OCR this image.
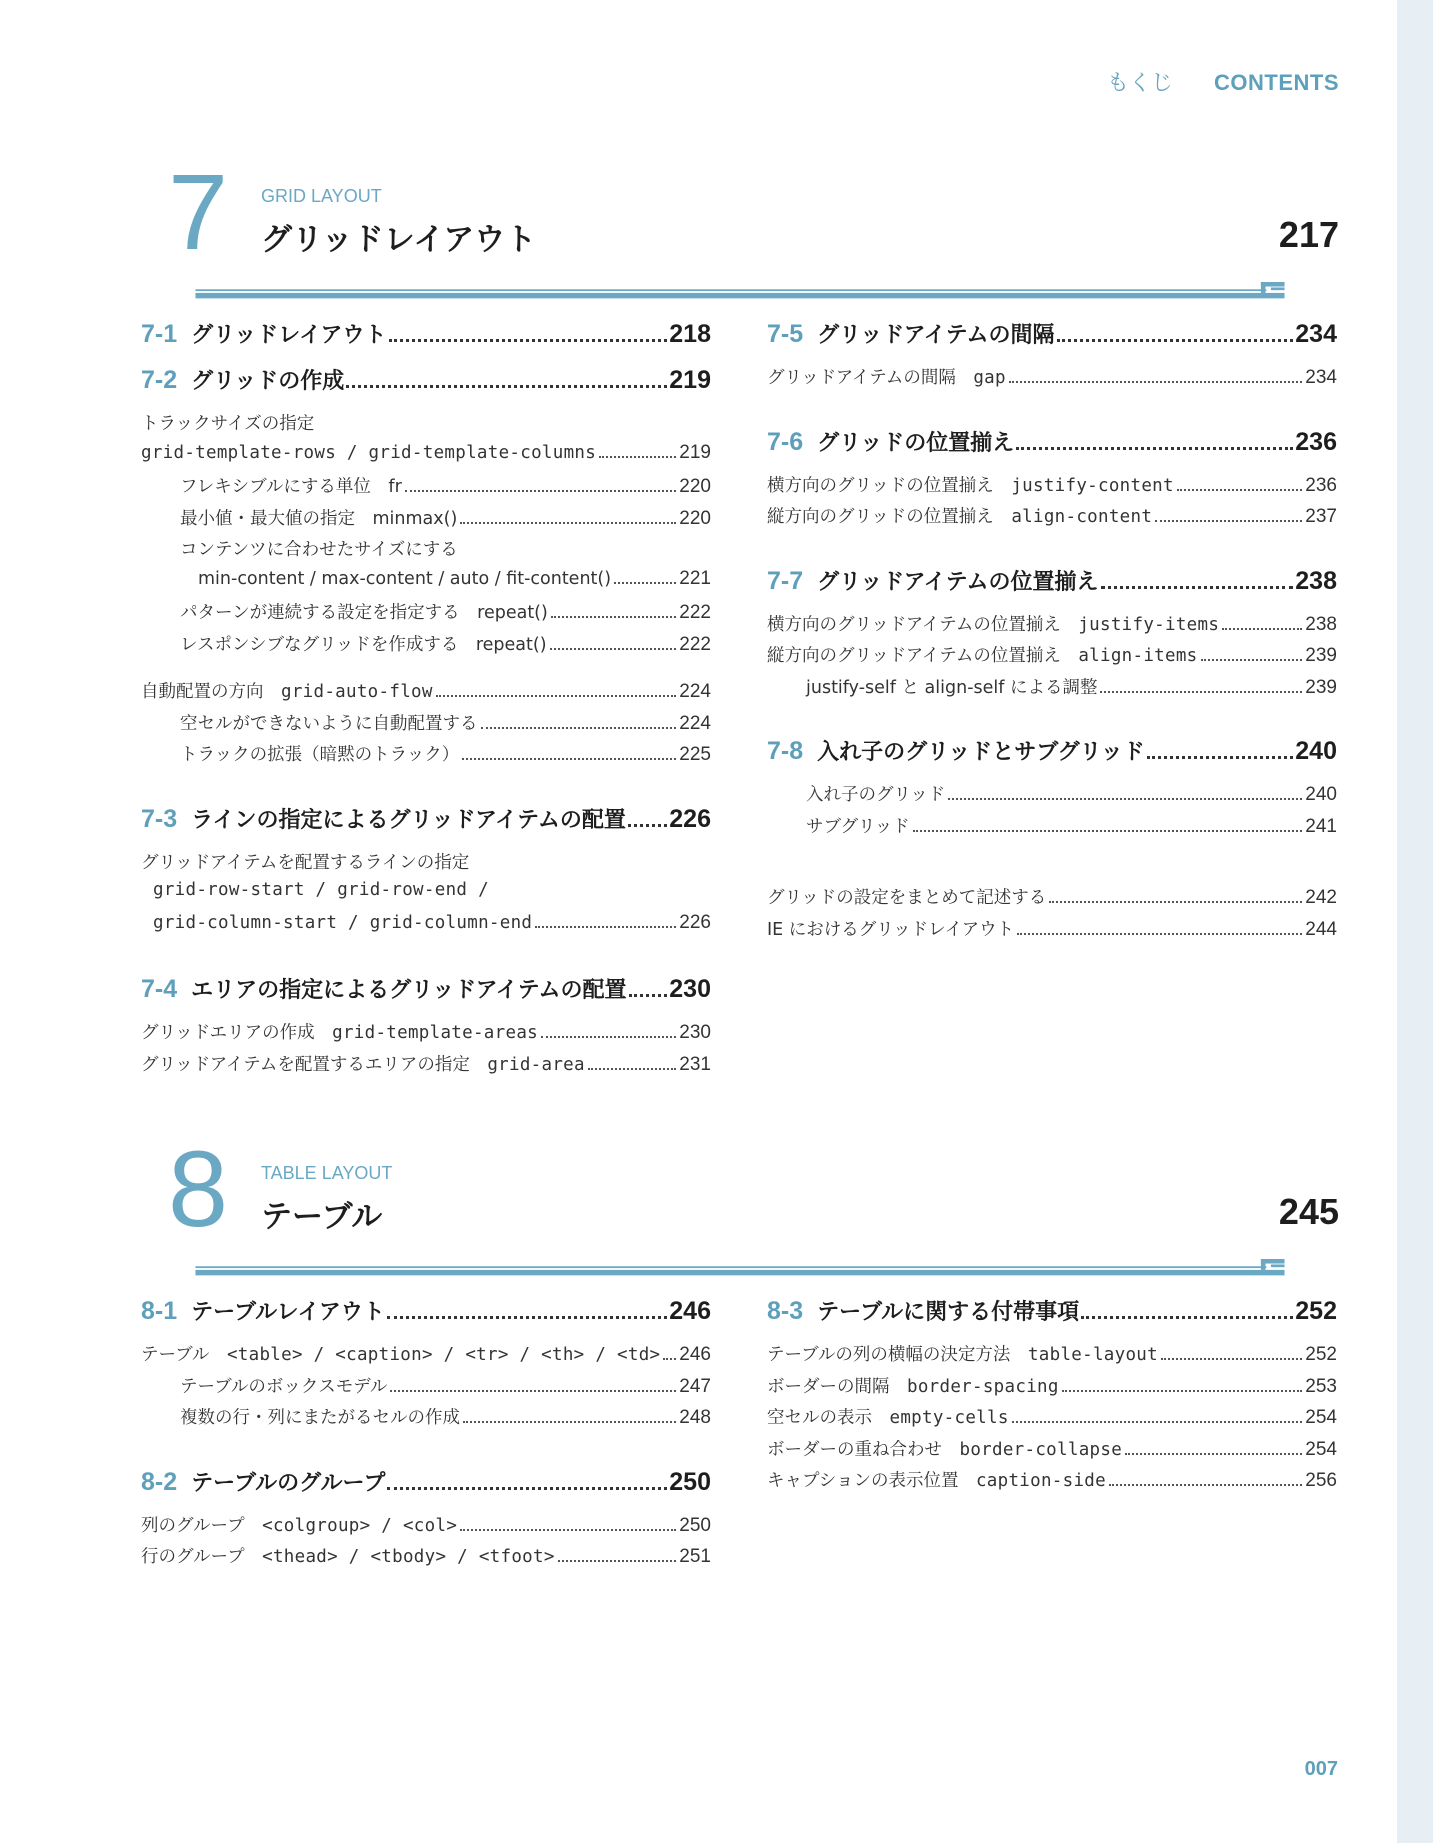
もくじ CONTENTS
7 GRID LAYOUT
グリッドレイアウト	217
7-1 グリッドレイアウト	218
7-2 グリッドの作成	219
トラックサイズの指定
grid-template-rows / grid-template-columns	219
フレキシブルにする単位　fr	220
最小値・最大値の指定　minmax()	220
コンテンツに合わせたサイズにする
min-content / max-content / auto / fit-content()	221
パターンが連続する設定を指定する　repeat()	222
レスポンシブなグリッドを作成する　repeat()	222
自動配置の方向　grid-auto-flow	224
空セルができないように自動配置する	224
トラックの拡張（暗黙のトラック）	225
7-3 ラインの指定によるグリッドアイテムの配置 226
グリッドアイテムを配置するラインの指定
grid-row-start / grid-row-end /
grid-column-start / grid-column-end	226
7-4 エリアの指定によるグリッドアイテムの配置 230
グリッドエリアの作成　grid-template-areas	230
グリッドアイテムを配置するエリアの指定　grid-area	231
7-5 グリッドアイテムの間隔	234
グリッドアイテムの間隔　gap	234
7-6 グリッドの位置揃え	236
横方向のグリッドの位置揃え　justify-content	236
縦方向のグリッドの位置揃え　align-content	237
7-7 グリッドアイテムの位置揃え	238
横方向のグリッドアイテムの位置揃え　justify-items	238
縦方向のグリッドアイテムの位置揃え　align-items	239
justify-self と align-self による調整	239
7-8 入れ子のグリッドとサブグリッド	240
入れ子のグリッド	240
サブグリッド	241
グリッドの設定をまとめて記述する	242
IE におけるグリッドレイアウト	244
8 TABLE LAYOUT
テーブル	245
8-1 テーブルレイアウト	246
テーブル　<table> / <caption> / <tr> / <th> / <td> 246
テーブルのボックスモデル	247
複数の行・列にまたがるセルの作成	248
8-2 テーブルのグループ	250
列のグループ　<colgroup> / <col>	250
行のグループ　<thead> / <tbody> / <tfoot>	251
8-3 テーブルに関する付帯事項	252
テーブルの列の横幅の決定方法　table-layout	252
ボーダーの間隔　border-spacing	253
空セルの表示　empty-cells	254
ボーダーの重ね合わせ　border-collapse	254
キャプションの表示位置　caption-side	256
007
